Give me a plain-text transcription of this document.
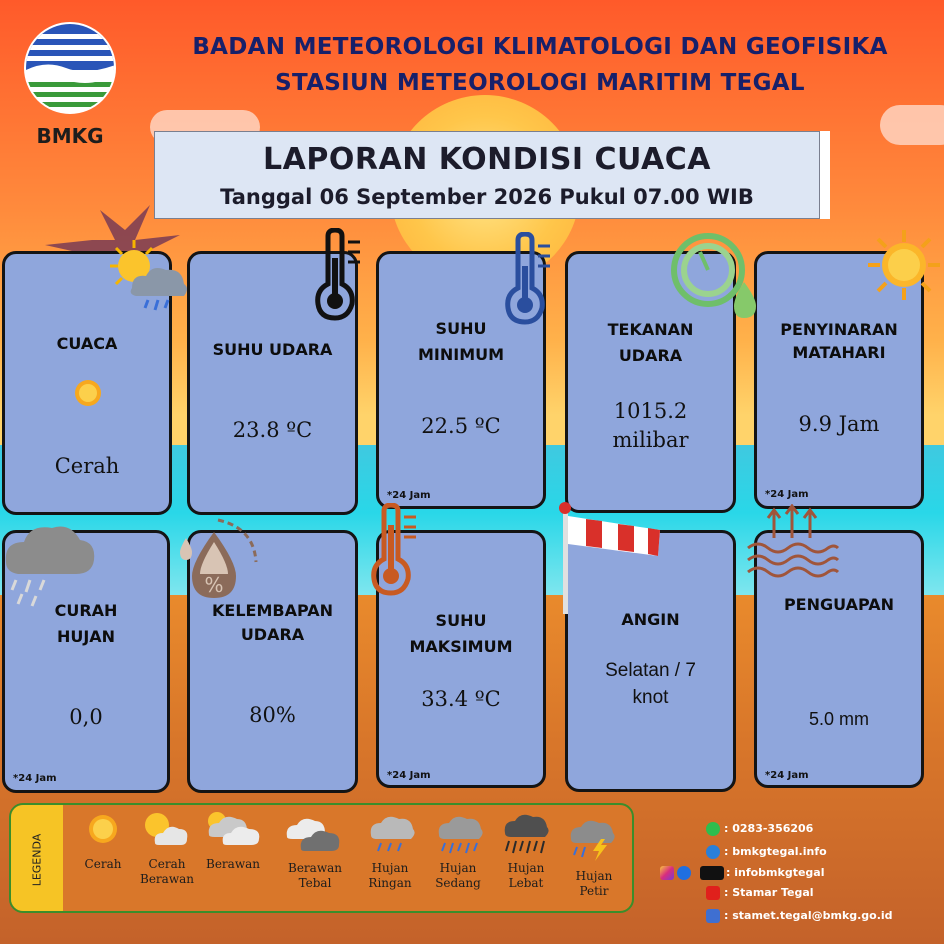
BMKG
BADAN METEOROLOGI KLIMATOLOGI DAN GEOFISIKA
STASIUN METEOROLOGI MARITIM TEGAL
LAPORAN KONDISI CUACA
Tanggal 06 September 2026 Pukul 07.00 WIB
CUACA
Cerah
SUHU UDARA
23.8 ºC
SUHU
MINIMUM
22.5 ºC
*24 Jam
TEKANAN
UDARA
1015.2
milibar
PENYINARAN
MATAHARI
9.9 Jam
*24 Jam
CURAH
HUJAN
0,0
*24 Jam
KELEMBAPAN
UDARA
80%
SUHU
MAKSIMUM
33.4 ºC
*24 Jam
ANGIN
Selatan / 7
knot
PENGUAPAN
5.0 mm
*24 Jam
%
LEGENDA	Cerah	Cerah
Berawan
Berawan	Berawan
Tebal
Hujan
Ringan
Hujan
Sedang
Hujan
Lebat	Hujan
Petir
: 0283-356206
: bmkgtegal.info
: infobmkgtegal
: Stamar Tegal
: stamet.tegal@bmkg.go.id
